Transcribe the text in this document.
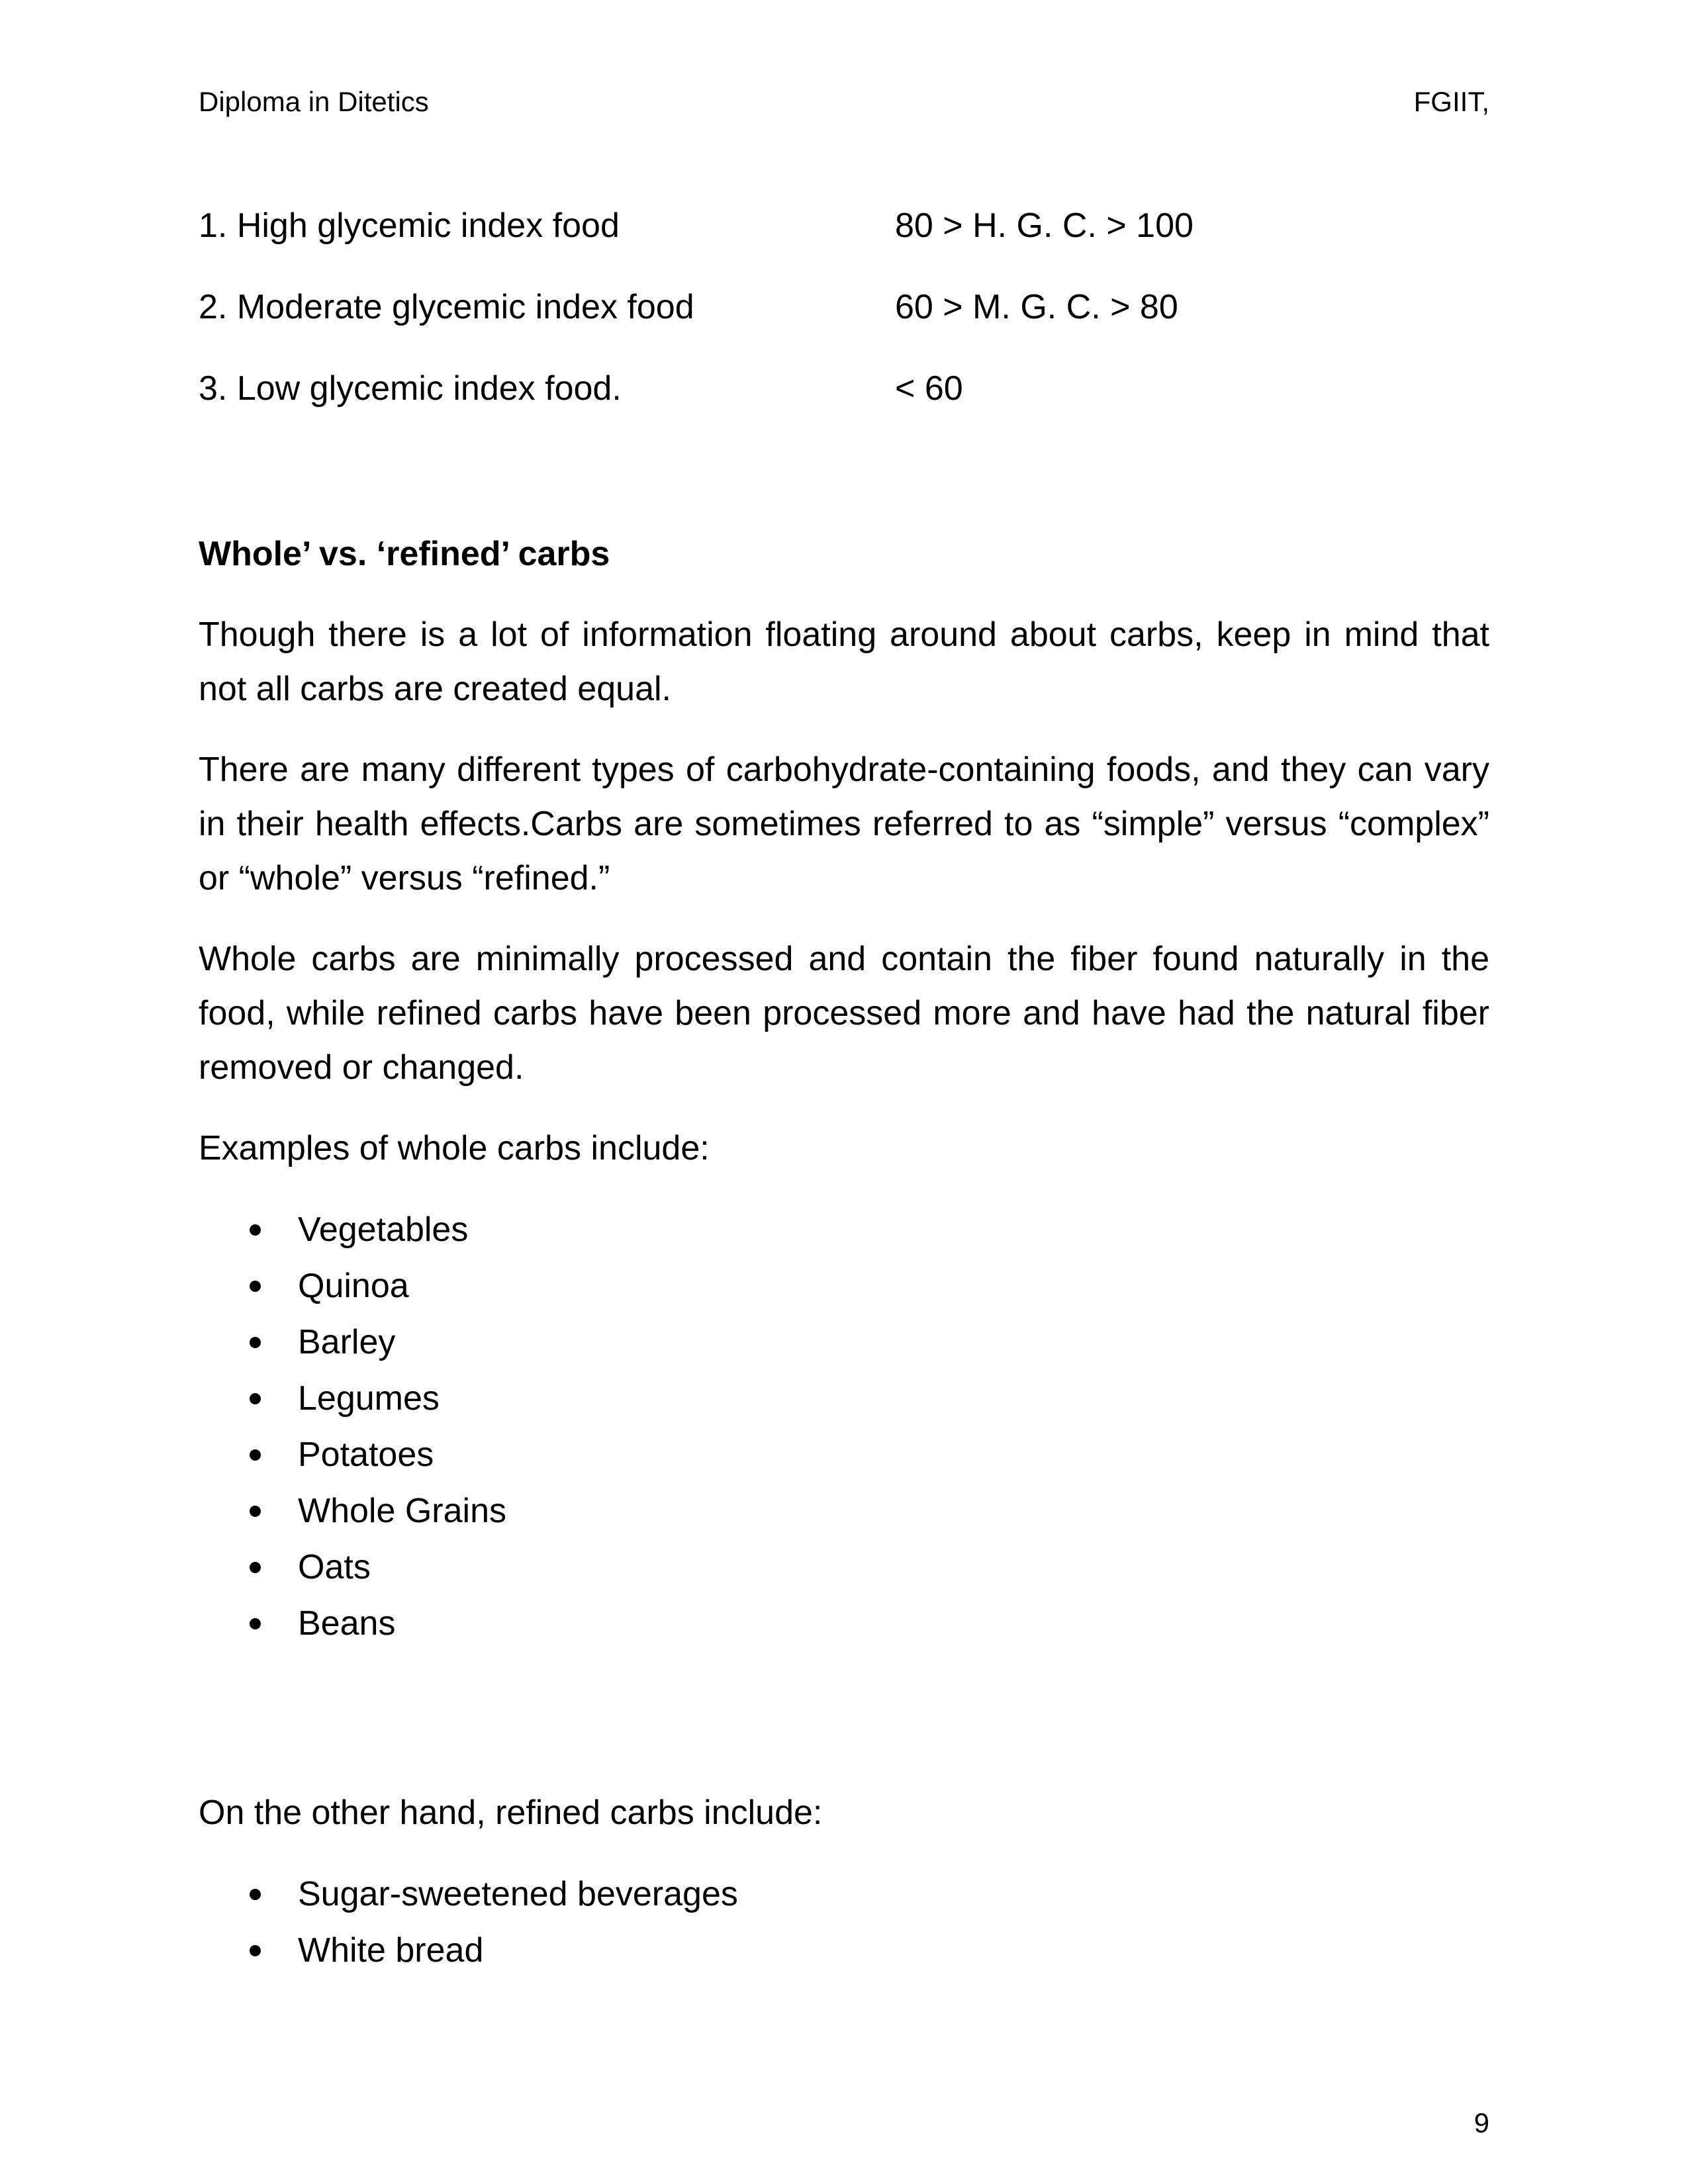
Diploma in Ditetics	FGIIT,
1. High glycemic index food	80 > H. G. C. > 100
2. Moderate glycemic index food	60 > M. G. C. > 80
3. Low glycemic index food.	< 60
Whole’ vs. ‘refined’ carbs

Though there is a lot of information floating around about carbs, keep in mind that not all carbs are created equal.

There are many different types of carbohydrate-containing foods, and they can vary in their health effects.Carbs are sometimes referred to as “simple” versus “complex” or “whole” versus “refined.”

Whole carbs are minimally processed and contain the fiber found naturally in the food, while refined carbs have been processed more and have had the natural fiber removed or changed.

Examples of whole carbs include:

Vegetables
Quinoa
Barley
Legumes
Potatoes
Whole Grains
Oats
Beans

On the other hand, refined carbs include:

Sugar-sweetened beverages
White bread
9
